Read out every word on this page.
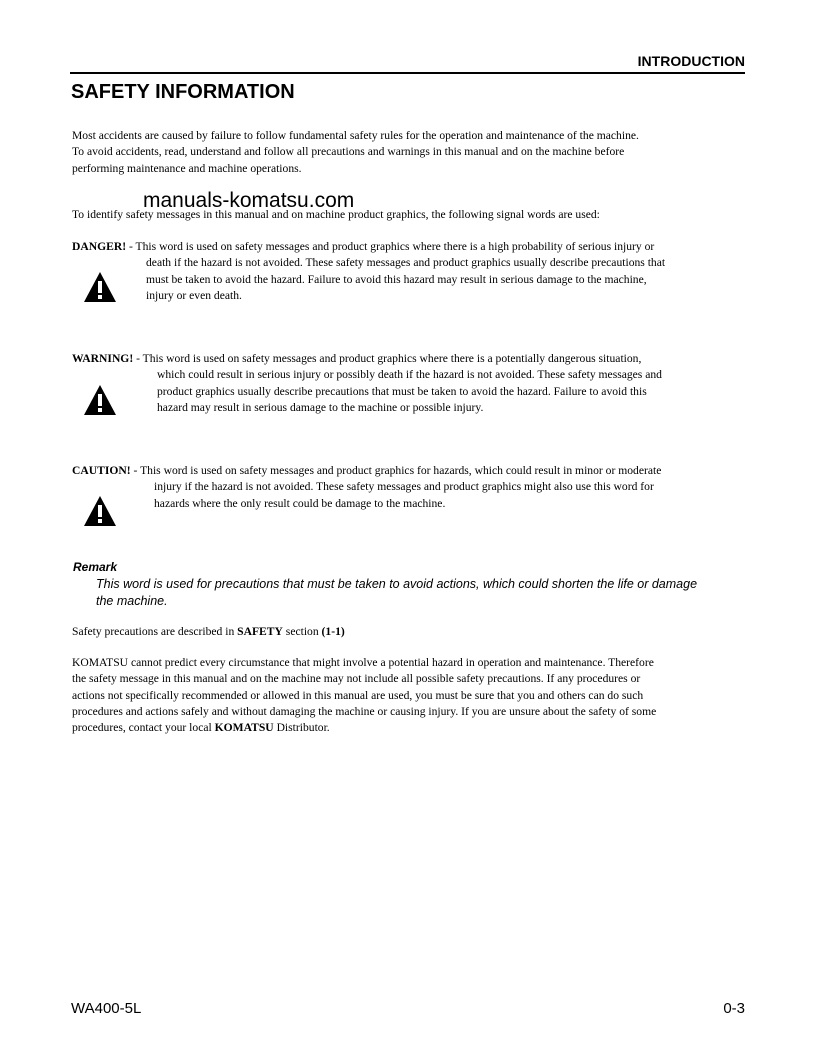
INTRODUCTION
SAFETY INFORMATION
Most accidents are caused by failure to follow fundamental safety rules for the operation and maintenance of the machine.
To avoid accidents, read, understand and follow all precautions and warnings in this manual and on the machine before
performing maintenance and machine operations.
manuals-komatsu.com
To identify safety messages in this manual and on machine product graphics, the following signal words are used:
DANGER! - This word is used on safety messages and product graphics where there is a high probability of serious injury or
death if the hazard is not avoided. These safety messages and product graphics usually describe precautions that
must be taken to avoid the hazard. Failure to avoid this hazard may result in serious damage to the machine,
injury or even death.
WARNING! - This word is used on safety messages and product graphics where there is a potentially dangerous situation,
which could result in serious injury or possibly death if the hazard is not avoided. These safety messages and
product graphics usually describe precautions that must be taken to avoid the hazard. Failure to avoid this
hazard may result in serious damage to the machine or possible injury.
CAUTION! - This word is used on safety messages and product graphics for hazards, which could result in minor or moderate
injury if the hazard is not avoided. These safety messages and product graphics might also use this word for
hazards where the only result could be damage to the machine.
Remark
This word is used for precautions that must be taken to avoid actions, which could shorten the life or damage
the machine.
Safety precautions are described in SAFETY section (1-1)
KOMATSU cannot predict every circumstance that might involve a potential hazard in operation and maintenance. Therefore
the safety message in this manual and on the machine may not include all possible safety precautions. If any procedures or
actions not specifically recommended or allowed in this manual are used, you must be sure that you and others can do such
procedures and actions safely and without damaging the machine or causing injury. If you are unsure about the safety of some
procedures, contact your local KOMATSU Distributor.
WA400-5L	0-3
